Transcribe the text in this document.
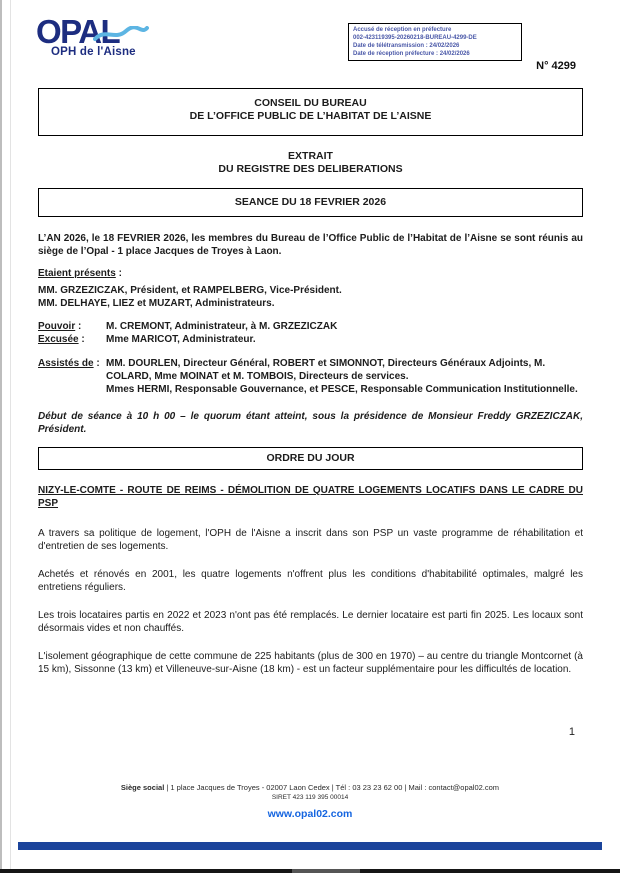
OPAL
OPH de l'Aisne
Accusé de réception en préfecture
002-423119395-20260218-BUREAU-4299-DE
Date de télétransmission : 24/02/2026
Date de réception préfecture : 24/02/2026
N° 4299
CONSEIL DU BUREAU
DE L’OFFICE PUBLIC DE L’HABITAT DE L’AISNE
EXTRAIT
DU REGISTRE DES DELIBERATIONS
SEANCE DU 18 FEVRIER 2026

L’AN 2026, le 18 FEVRIER 2026, les membres du Bureau de l’Office Public de l’Habitat de l’Aisne se sont réunis au siège de l’Opal - 1 place Jacques de Troyes à Laon.

Etaient présents :
MM. GRZEZICZAK, Président, et RAMPELBERG, Vice-Président.
MM. DELHAYE, LIEZ et MUZART, Administrateurs.
Pouvoir :	M. CREMONT, Administrateur, à M. GRZEZICZAK
Excusée :	Mme MARICOT, Administrateur.
Assistés de : MM. DOURLEN, Directeur Général, ROBERT et SIMONNOT, Directeurs Généraux Adjoints, M. COLARD, Mme MOINAT et M. TOMBOIS, Directeurs de services.
Mmes HERMI, Responsable Gouvernance, et PESCE, Responsable Communication Institutionnelle.

Début de séance à 10 h 00 – le quorum étant atteint, sous la présidence de Monsieur Freddy GRZEZICZAK, Président.

ORDRE DU JOUR

NIZY-LE-COMTE - ROUTE DE REIMS - DÉMOLITION DE QUATRE LOGEMENTS LOCATIFS DANS LE CADRE DU PSP

A travers sa politique de logement, l'OPH de l'Aisne a inscrit dans son PSP un vaste programme de réhabilitation et d'entretien de ses logements.

Achetés et rénovés en 2001, les quatre logements n'offrent plus les conditions d'habitabilité optimales, malgré les entretiens réguliers.

Les trois locataires partis en 2022 et 2023 n'ont pas été remplacés. Le dernier locataire est parti fin 2025. Les locaux sont désormais vides et non chauffés.

L'isolement géographique de cette commune de 225 habitants (plus de 300 en 1970) – au centre du triangle Montcornet (à 15 km), Sissonne (13 km) et Villeneuve-sur-Aisne (18 km) - est un facteur supplémentaire pour les difficultés de location.

1
Siège social | 1 place Jacques de Troyes - 02007 Laon Cedex | Tél : 03 23 23 62 00 | Mail : contact@opal02.com
SIRET 423 119 395 00014
www.opal02.com
